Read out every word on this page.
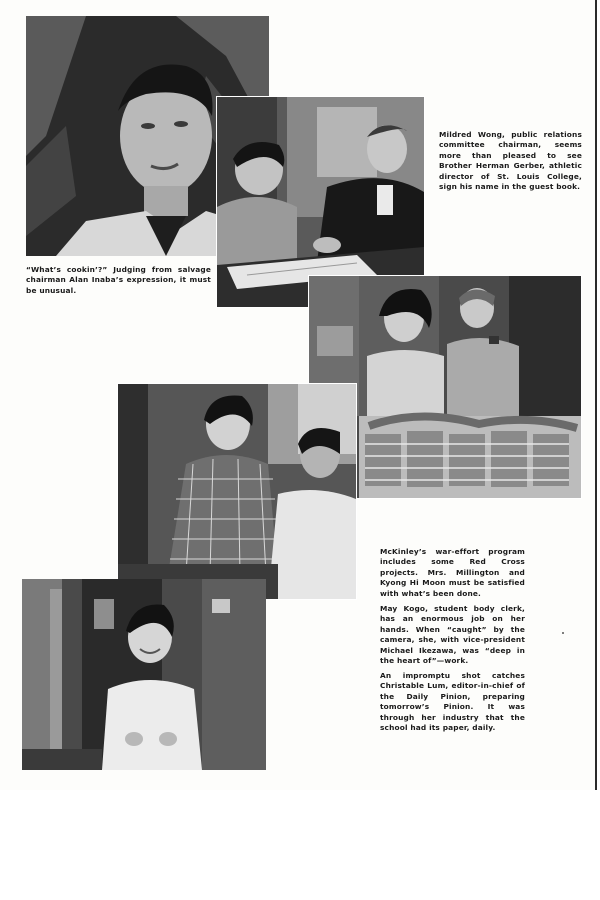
Mildred Wong, public relations committee chairman, seems more than pleased to see Brother Herman Gerber, athletic director of St. Louis College, sign his name in the guest book.
“What’s cookin’?” Judging from salvage chairman Alan Inaba’s expression, it must be unusual.
McKinley’s war-effort program includes some Red Cross projects. Mrs. Millington and Kyong Hi Moon must be satisfied with what’s been done.
May Kogo, student body clerk, has an enormous job on her hands. When “caught” by the camera, she, with vice-president Michael Ikezawa, was “deep in the heart of”—work.
An impromptu shot catches Christable Lum, editor-in-chief of the Daily Pinion, preparing tomorrow’s Pinion. It was through her industry that the school had its paper, daily.
